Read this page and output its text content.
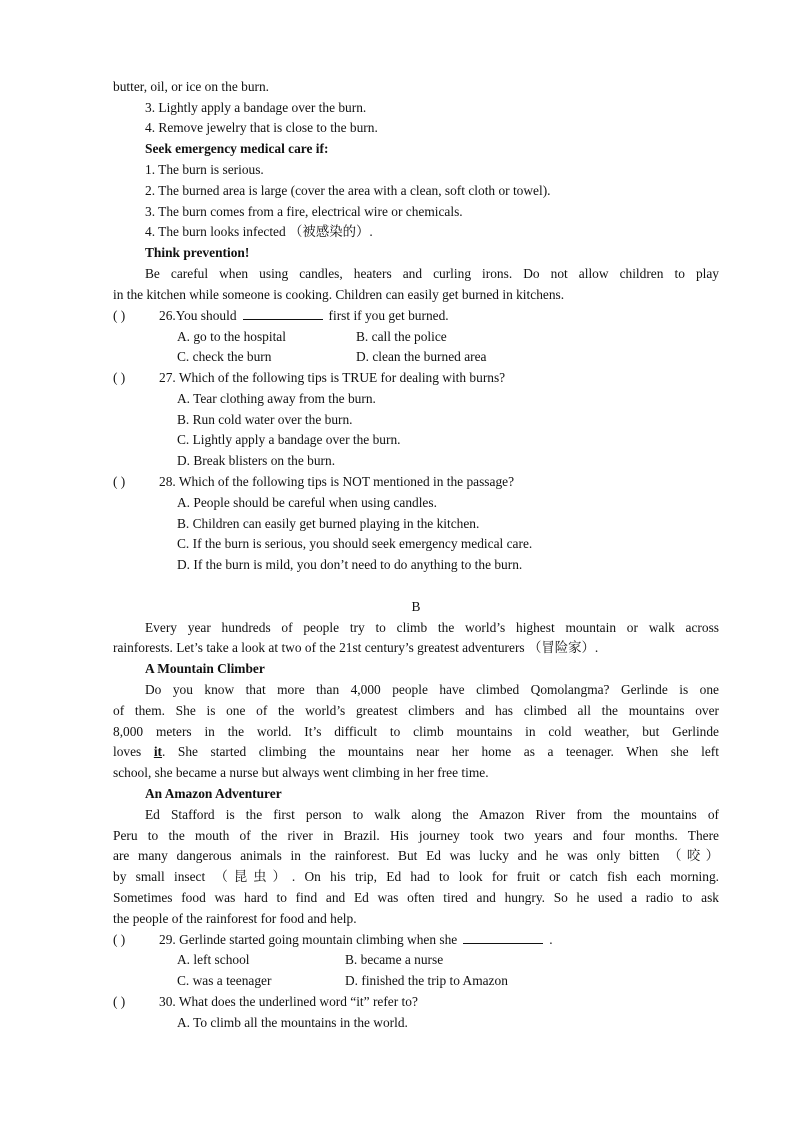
butter, oil, or ice on the burn.
3. Lightly apply a bandage over the burn.
4. Remove jewelry that is close to the burn.
Seek emergency medical care if:
1. The burn is serious.
2. The burned area is large (cover the area with a clean, soft cloth or towel).
3. The burn comes from a fire, electrical wire or chemicals.
4. The burn looks infected （被感染的）.
Think prevention!
Be careful when using candles, heaters and curling irons. Do not allow children to play
in the kitchen while someone is cooking. Children can easily get burned in kitchens.
( )	26.You should	first if you get burned.
A. go to the hospital	B. call the police
C. check the burn	D. clean the burned area
( )	27. Which of the following tips is TRUE for dealing with burns?
A. Tear clothing away from the burn.
B. Run cold water over the burn.
C. Lightly apply a bandage over the burn.
D. Break blisters on the burn.
( )	28. Which of the following tips is NOT mentioned in the passage?
A. People should be careful when using candles.
B. Children can easily get burned playing in the kitchen.
C. If the burn is serious, you should seek emergency medical care.
D. If the burn is mild, you don’t need to do anything to the burn.
B
Every year hundreds of people try to climb the world’s highest mountain or walk across
rainforests. Let’s take a look at two of the 21st century’s greatest adventurers （冒险家）.
A Mountain Climber
Do you know that more than 4,000 people have climbed Qomolangma? Gerlinde is one
of them. She is one of the world’s greatest climbers and has climbed all the mountains over
8,000 meters in the world. It’s difficult to climb mountains in cold weather, but Gerlinde
loves it. She started climbing the mountains near her home as a teenager. When she left
school, she became a nurse but always went climbing in her free time.
An Amazon Adventurer
Ed Stafford is the first person to walk along the Amazon River from the mountains of
Peru to the mouth of the river in Brazil. His journey took two years and four months. There
are many dangerous animals in the rainforest. But Ed was lucky and he was only bitten （咬）
by small insect （昆虫）. On his trip, Ed had to look for fruit or catch fish each morning.
Sometimes food was hard to find and Ed was often tired and hungry. So he used a radio to ask
the people of the rainforest for food and help.
( )	29. Gerlinde started going mountain climbing when she	.
A. left school	B. became a nurse
C. was a teenager	D. finished the trip to Amazon
( )	30. What does the underlined word “it” refer to?
A. To climb all the mountains in the world.
